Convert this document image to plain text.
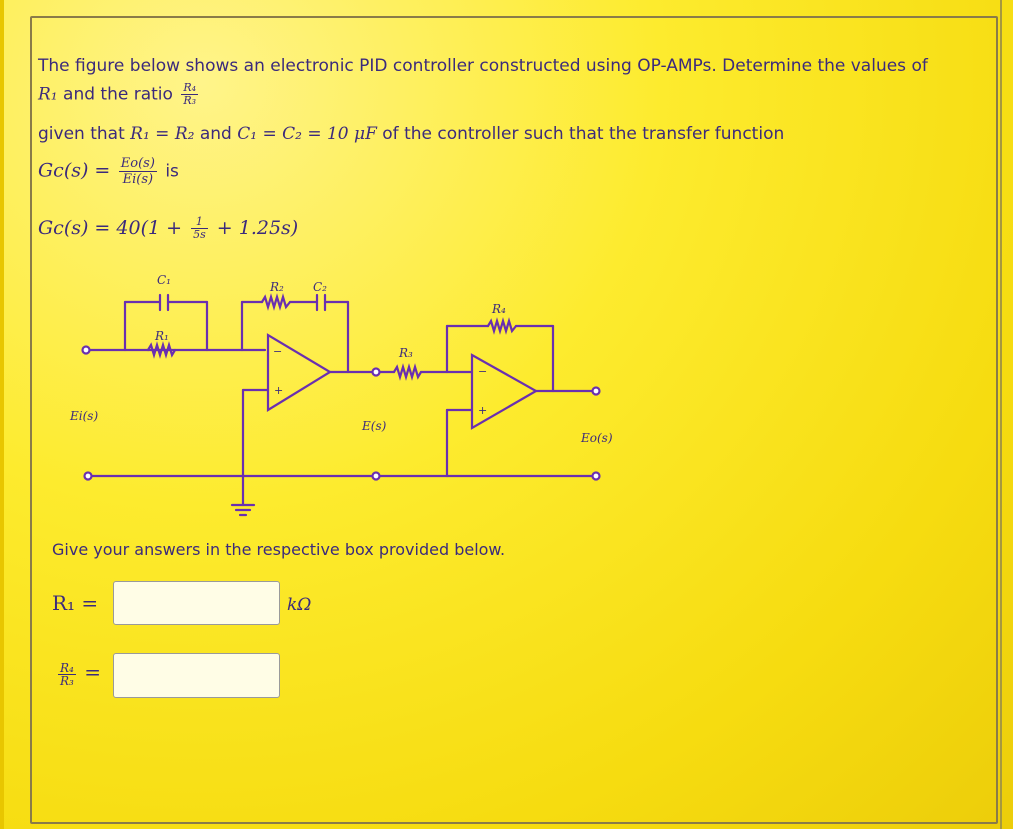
The figure below shows an electronic PID controller constructed using OP-AMPs. Determine the values of
R₁ and the ratio $\frac{\text{R₄}}{\text{R₃}}$
given that R₁ = R₂ and C₁ = C₂ = 10 μF of the controller such that the transfer function
$Gc(s) = \frac{Eo(s)}{Ei(s)}$ is
$Gc(s) = 40(1 + \frac{1}{5s} + 1.25s)$
C₁
R₁
R₂ C₂
R₃
R₄
Ei(s)
E(s)
Eo(s)
−
+
−
+
Give your answers in the respective box provided below.
R₁ =	kΩ
$\frac{\text{R₄}}{\text{R₃}}$ =
